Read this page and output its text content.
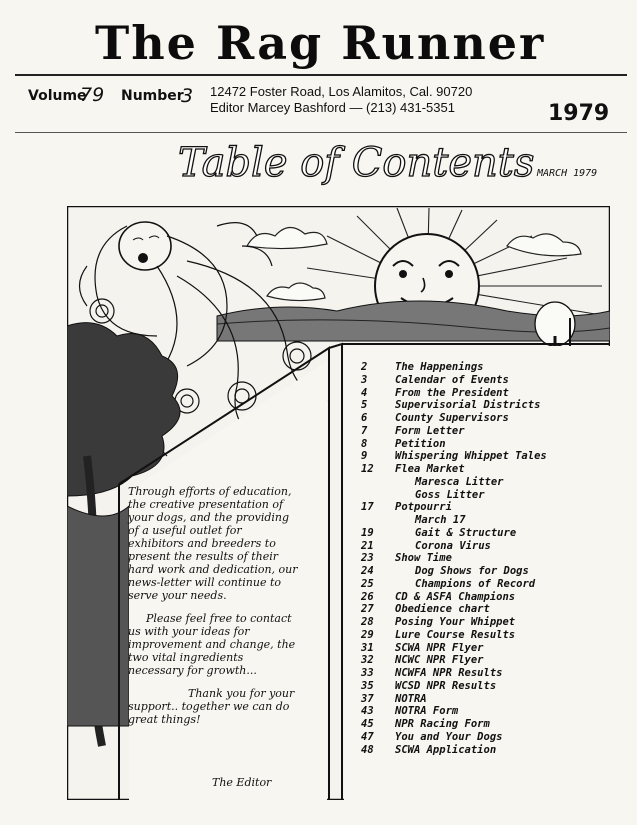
The Rag Runner
Volume
79 Number
3 12472 Foster Road, Los Alamitos, Cal. 90720
Editor Marcey Bashford — (213) 431-5351	1979
Table of Contents MARCH 1979

Through efforts of education, the creative presentation of your dogs, and the providing of a useful outlet for exhibitors and breeders to present the results of their hard work and dedication, our news-letter will continue to serve your needs.

Please feel free to contact us with your ideas for improvement and change, the two vital ingredients necessary for growth...

Thank you for your support.. together we can do great things!

The Editor
2	The Happenings
3	Calendar of Events
4	From the President
5	Supervisorial Districts
6	County Supervisors
7	Form Letter
8	Petition
9	Whispering Whippet Tales
12	Flea Market
Maresca Litter
Goss Litter
17	Potpourri
March 17
19	Gait & Structure
21	Corona Virus
23	Show Time
24	Dog Shows for Dogs
25	Champions of Record
26	CD & ASFA Champions
27	Obedience chart
28	Posing Your Whippet
29	Lure Course Results
31	SCWA NPR Flyer
32	NCWC NPR Flyer
33	NCWFA NPR Results
35	WCSD NPR Results
37	NOTRA
43	NOTRA Form
45	NPR Racing Form
47	You and Your Dogs
48	SCWA Application
